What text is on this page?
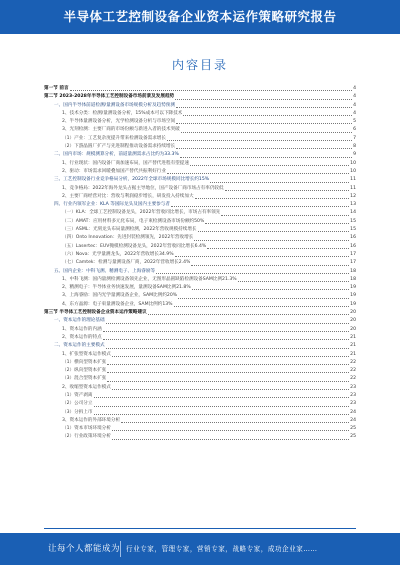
半导体工艺控制设备企业资本运作策略研究报告
内容目录
第一节 前言	4
第二节 2023-2028年半导体工艺控制设备市场前景及发展趋势	4
一、国内半导体前道检测/量测设备市场规模分析及趋势预测	4
1、技术分类：检测/量测设备分析，15%成本可以下降技术	4
2、半导体量测设备分析，光学检测设备分析与市场空间	5
3、光刻检测：主要厂商的市场份额与新进入者的技术突破	6
（1）产业：工艺复杂度提升带来检测设备需求增长	7
（2）下游晶圆厂扩产与先进制程推动设备需求持续增长	8
二、国内市场：规模测算分析，前道量测需求占比约为33.3%	9
1、行业现状：国内设备厂商加速布局，国产替代进程有望提速	10
2、驱动：市场需求回暖叠加国产替代共振利好行业	10
三、工艺控制设备行业竞争格局分析，2022年全球市场规模同比增长约15%	11
1、竞争格局：2022年海外龙头占据主导地位，国产设备厂商市场占有率仍较低	11
2、主要厂商经营对比：营收与利润稳步增长，研发投入持续加大	12
四、行业内领军企业：KLA 等国际龙头及国内主要参与者	13
（一）KLA：全球工艺控制设备龙头，2022年营收同比增长，市场占有率领先	14
（二）AMAT：应用材料多元化布局，电子束检测设备市场份额约50%	15
（三）ASML：光刻龙头布局量测检测，2022年营收规模持续增长	15
（四）Onto Innovation：先进封装检测领先，2022年营收增长	16
（五）Lasertec：EUV掩模检测设备龙头，2022年营收同比增长6.4%	16
（六）Nova：光学量测龙头，2022年营收增长34.9%	17
（七）Camtek：检测与量测设备厂商，2022年营收增长2.4%	17
五、国内企业：中科飞测、精测电子、上海睿励等	18
1、中科飞测：国内量测检测设备领先企业，无图形晶圆缺陷检测设备SAM比例21.3%	18
2、精测电子：半导体业务快速发展，量测设备SAM比例21.8%	19
3、上海睿励：国内光学量测设备企业，SAM比例约20%	19
4、东方晶源：电子束量测设备企业，SAM比例约13%	19
第三节 半导体工艺控制设备企业资本运作策略建议	20
一、资本运作的理论基础	20
1、资本运作的内涵	20
2、资本运作的特点	21
二、资本运作的主要模式	21
1、扩张型资本运作模式	21
（1）横向型资本扩张	22
（2）纵向型资本扩张	22
（3）混合型资本扩张	22
2、收缩型资本运作模式	23
（1）资产剥离	23
（2）公司分立	23
（3）分拆上市	24
3、资本运作的外部环境分析	24
（1）资本市场环境分析	25
（2）行业政策环境分析	25
让每个人都能成为 行业专家，管理专家，营销专家，战略专家，成功企业家……
